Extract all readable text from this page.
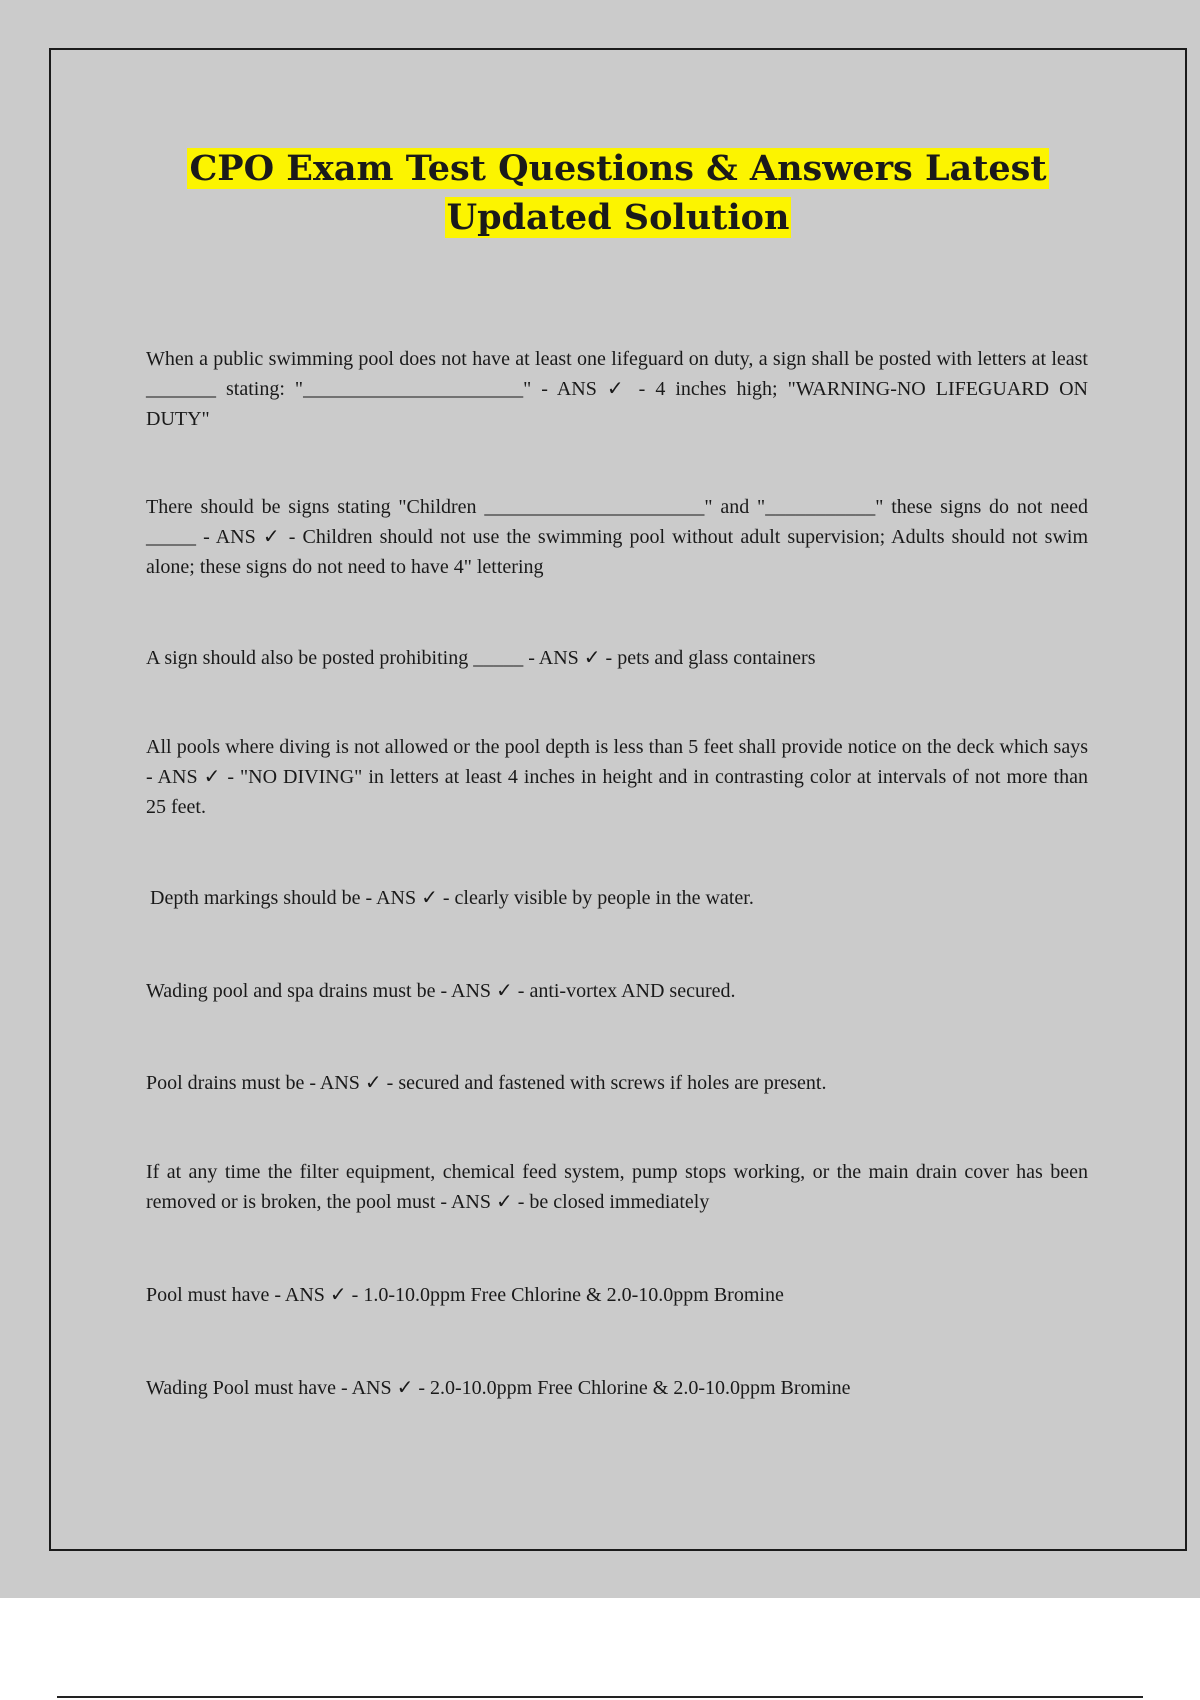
CPO Exam Test Questions & Answers Latest
Updated Solution

When a public swimming pool does not have at least one lifeguard on duty, a sign shall be posted with letters at least _______ stating: "______________________" - ANS ✓ - 4 inches high; "WARNING-NO LIFEGUARD ON DUTY"

There should be signs stating "Children ______________________" and "___________" these signs do not need _____ - ANS ✓ - Children should not use the swimming pool without adult supervision; Adults should not swim alone; these signs do not need to have 4" lettering

A sign should also be posted prohibiting _____ - ANS ✓ - pets and glass containers

All pools where diving is not allowed or the pool depth is less than 5 feet shall provide notice on the deck which says - ANS ✓ - "NO DIVING" in letters at least 4 inches in height and in contrasting color at intervals of not more than 25 feet.

Depth markings should be - ANS ✓ - clearly visible by people in the water.

Wading pool and spa drains must be - ANS ✓ - anti-vortex AND secured.

Pool drains must be - ANS ✓ - secured and fastened with screws if holes are present.

If at any time the filter equipment, chemical feed system, pump stops working, or the main drain cover has been removed or is broken, the pool must - ANS ✓ - be closed immediately

Pool must have - ANS ✓ - 1.0-10.0ppm Free Chlorine & 2.0-10.0ppm Bromine

Wading Pool must have - ANS ✓ - 2.0-10.0ppm Free Chlorine & 2.0-10.0ppm Bromine
